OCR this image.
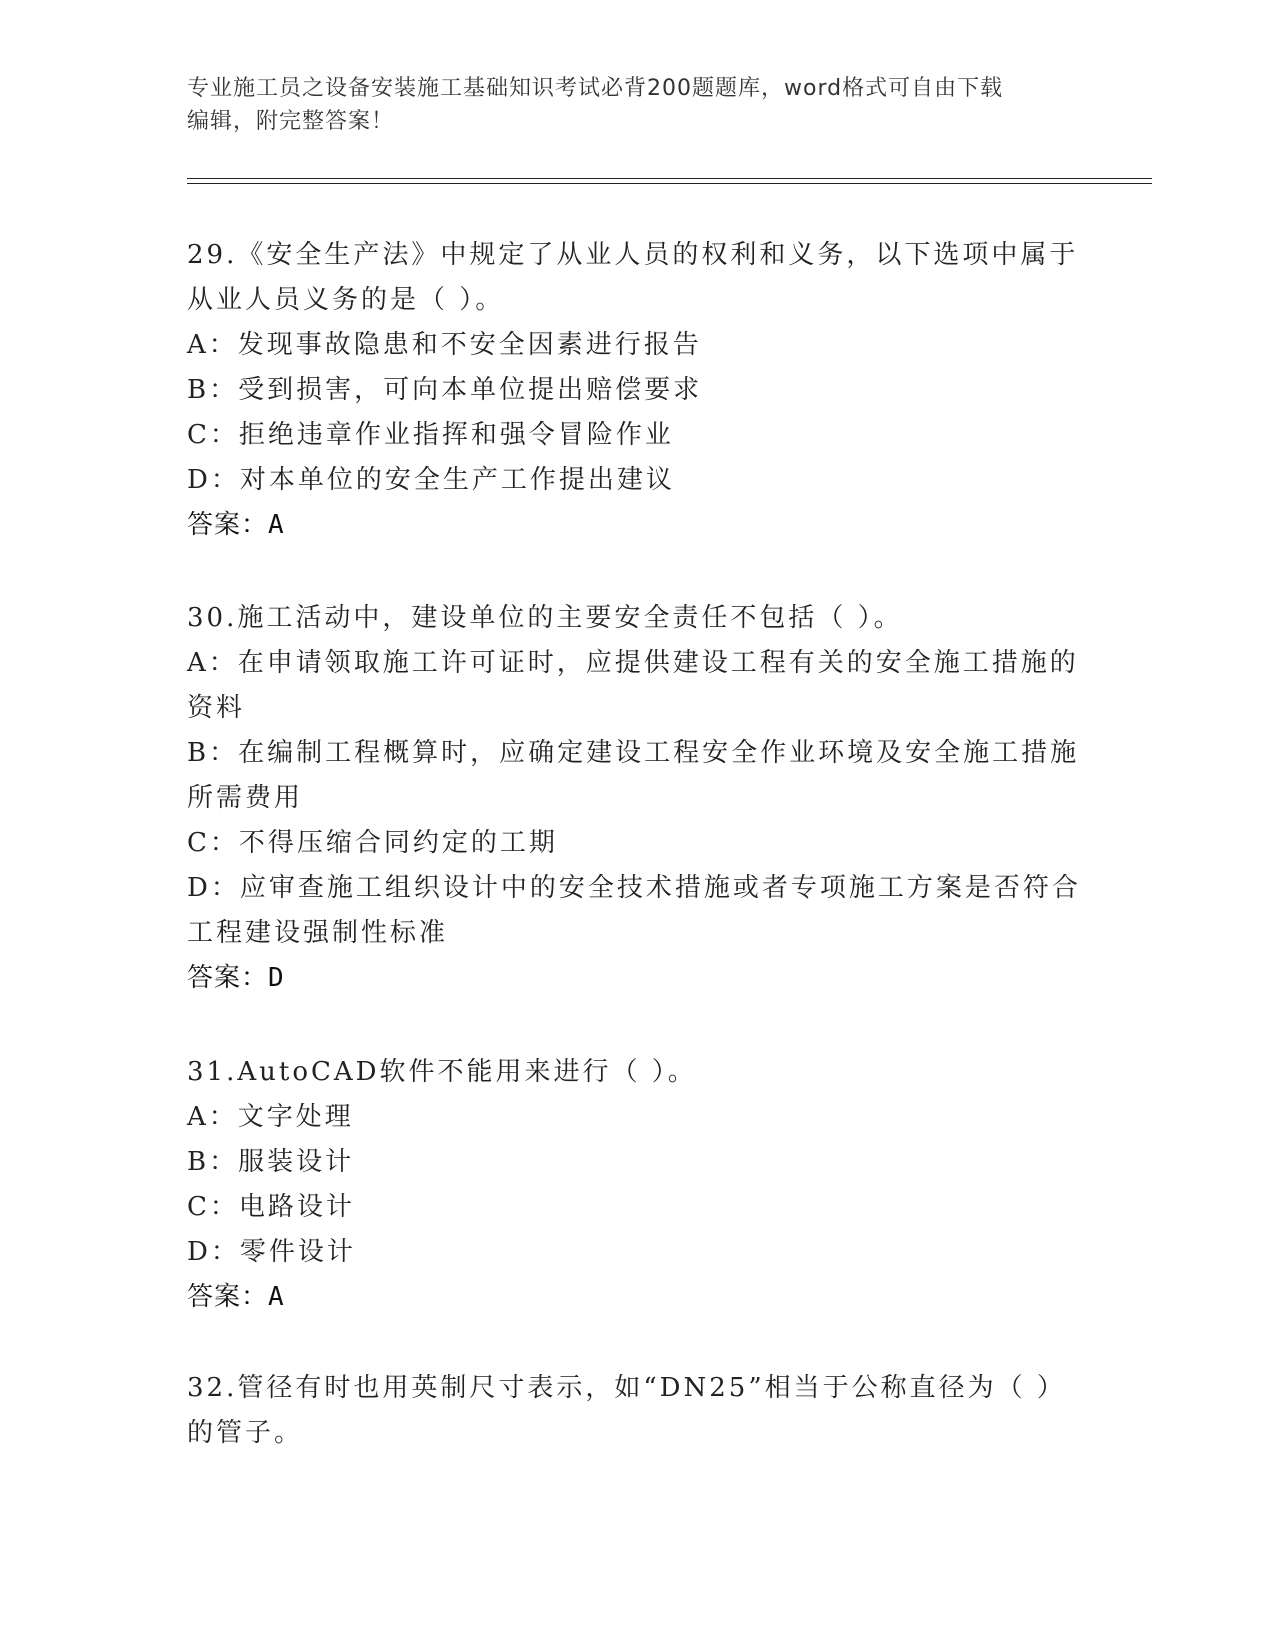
专业施工员之设备安装施工基础知识考试必背200题题库，word格式可自由下载
编辑，附完整答案！
29.《安全生产法》中规定了从业人员的权利和义务，以下选项中属于
从业人员义务的是（ ）。
A：发现事故隐患和不安全因素进行报告
B：受到损害，可向本单位提出赔偿要求
C：拒绝违章作业指挥和强令冒险作业
D：对本单位的安全生产工作提出建议
答案：A
30.施工活动中，建设单位的主要安全责任不包括（ ）。
A：在申请领取施工许可证时，应提供建设工程有关的安全施工措施的
资料
B：在编制工程概算时，应确定建设工程安全作业环境及安全施工措施
所需费用
C：不得压缩合同约定的工期
D：应审查施工组织设计中的安全技术措施或者专项施工方案是否符合
工程建设强制性标准
答案：D
31.AutoCAD软件不能用来进行（ ）。
A：文字处理
B：服装设计
C：电路设计
D：零件设计
答案：A
32.管径有时也用英制尺寸表示，如“DN25”相当于公称直径为（ ）
的管子。
